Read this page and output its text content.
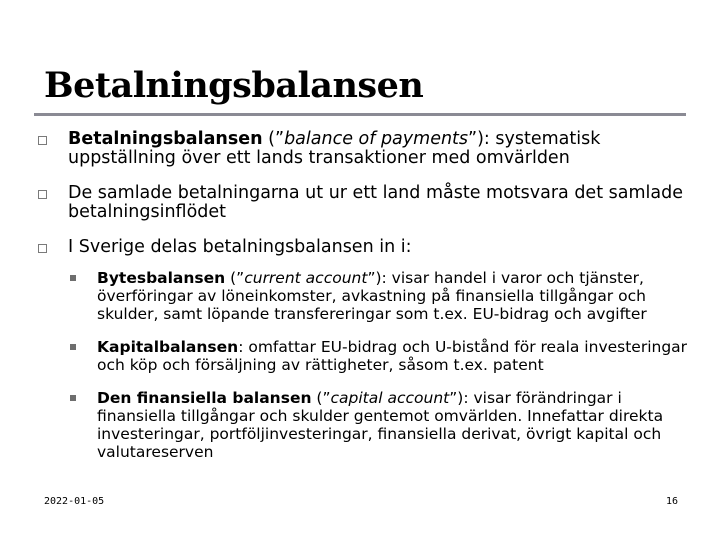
Betalningsbalansen
Betalningsbalansen (”balance of payments”): systematisk uppställning över ett lands transaktioner med omvärlden
De samlade betalningarna ut ur ett land måste motsvara det samlade betalningsinflödet
I Sverige delas betalningsbalansen in i:
Bytesbalansen (”current account”): visar handel i varor och tjänster, överföringar av löneinkomster, avkastning på finansiella tillgångar och skulder, samt löpande transfereringar som t.ex. EU-bidrag och avgifter
Kapitalbalansen: omfattar EU-bidrag och U-bistånd för reala investeringar och köp och försäljning av rättigheter, såsom t.ex. patent
Den finansiella balansen (”capital account”): visar förändringar i finansiella tillgångar och skulder gentemot omvärlden. Innefattar direkta investeringar, portföljinvesteringar, finansiella derivat, övrigt kapital och valutareserven
2022-01-05	16
